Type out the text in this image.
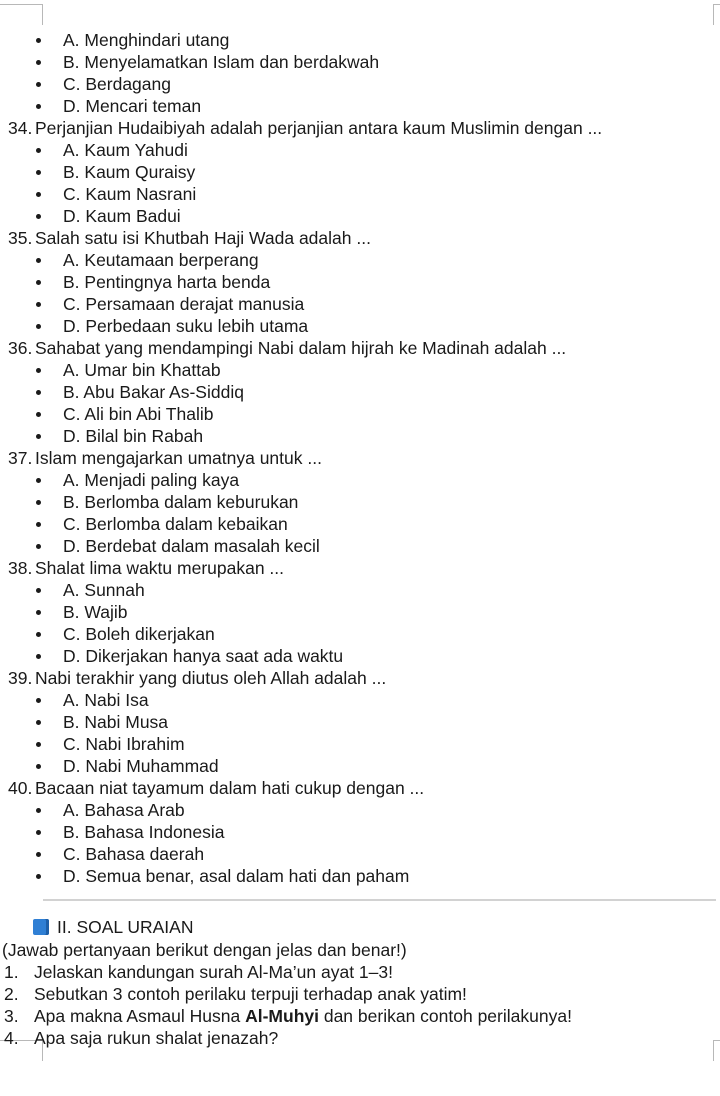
A. Menghindari utang
B. Menyelamatkan Islam dan berdakwah
C. Berdagang
D. Mencari teman
34. Perjanjian Hudaibiyah adalah perjanjian antara kaum Muslimin dengan ...
A. Kaum Yahudi
B. Kaum Quraisy
C. Kaum Nasrani
D. Kaum Badui
35. Salah satu isi Khutbah Haji Wada adalah ...
A. Keutamaan berperang
B. Pentingnya harta benda
C. Persamaan derajat manusia
D. Perbedaan suku lebih utama
36. Sahabat yang mendampingi Nabi dalam hijrah ke Madinah adalah ...
A. Umar bin Khattab
B. Abu Bakar As-Siddiq
C. Ali bin Abi Thalib
D. Bilal bin Rabah
37. Islam mengajarkan umatnya untuk ...
A. Menjadi paling kaya
B. Berlomba dalam keburukan
C. Berlomba dalam kebaikan
D. Berdebat dalam masalah kecil
38. Shalat lima waktu merupakan ...
A. Sunnah
B. Wajib
C. Boleh dikerjakan
D. Dikerjakan hanya saat ada waktu
39. Nabi terakhir yang diutus oleh Allah adalah ...
A. Nabi Isa
B. Nabi Musa
C. Nabi Ibrahim
D. Nabi Muhammad
40. Bacaan niat tayamum dalam hati cukup dengan ...
A. Bahasa Arab
B. Bahasa Indonesia
C. Bahasa daerah
D. Semua benar, asal dalam hati dan paham
II. SOAL URAIAN
(Jawab pertanyaan berikut dengan jelas dan benar!)
1. Jelaskan kandungan surah Al-Ma’un ayat 1–3!
2. Sebutkan 3 contoh perilaku terpuji terhadap anak yatim!
3. Apa makna Asmaul Husna Al-Muhyi dan berikan contoh perilakunya!
4. Apa saja rukun shalat jenazah?
